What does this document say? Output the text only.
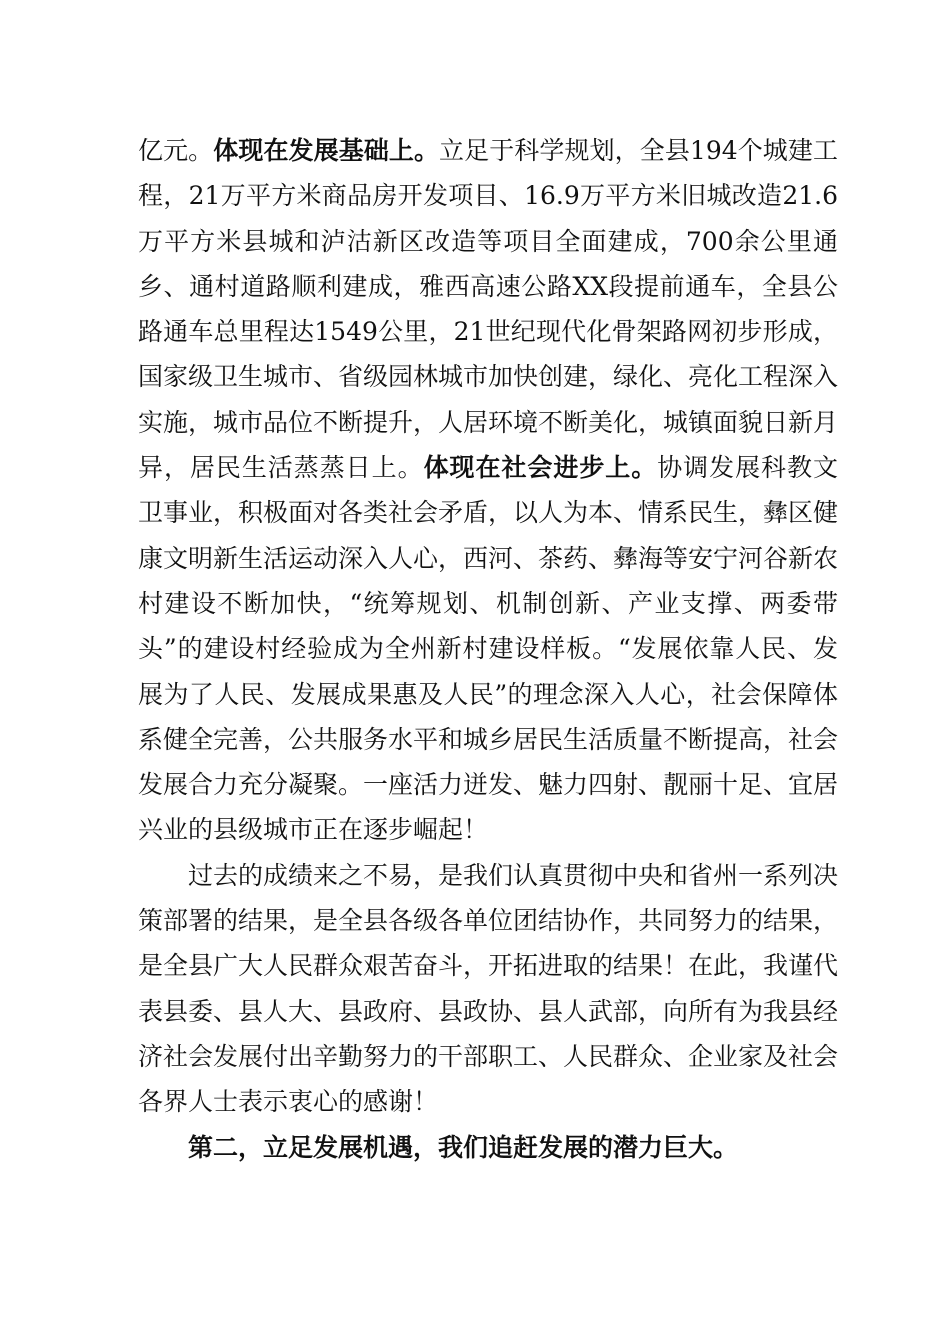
亿元。体现在发展基础上。立足于科学规划，全县194个城建工程，21万平方米商品房开发项目、16.9万平方米旧城改造21.6万平方米县城和泸沽新区改造等项目全面建成，700余公里通乡、通村道路顺利建成，雅西高速公路XX段提前通车，全县公路通车总里程达1549公里，21世纪现代化骨架路网初步形成，国家级卫生城市、省级园林城市加快创建，绿化、亮化工程深入实施，城市品位不断提升，人居环境不断美化，城镇面貌日新月异，居民生活蒸蒸日上。体现在社会进步上。协调发展科教文卫事业，积极面对各类社会矛盾，以人为本、情系民生，彝区健康文明新生活运动深入人心，西河、茶药、彝海等安宁河谷新农村建设不断加快，“统筹规划、机制创新、产业支撑、两委带头”的建设村经验成为全州新村建设样板。“发展依靠人民、发展为了人民、发展成果惠及人民”的理念深入人心，社会保障体系健全完善，公共服务水平和城乡居民生活质量不断提高，社会发展合力充分凝聚。一座活力迸发、魅力四射、靓丽十足、宜居兴业的县级城市正在逐步崛起！

过去的成绩来之不易，是我们认真贯彻中央和省州一系列决策部署的结果，是全县各级各单位团结协作，共同努力的结果，是全县广大人民群众艰苦奋斗，开拓进取的结果！在此，我谨代表县委、县人大、县政府、县政协、县人武部，向所有为我县经济社会发展付出辛勤努力的干部职工、人民群众、企业家及社会各界人士表示衷心的感谢！

第二，立足发展机遇，我们追赶发展的潜力巨大。
